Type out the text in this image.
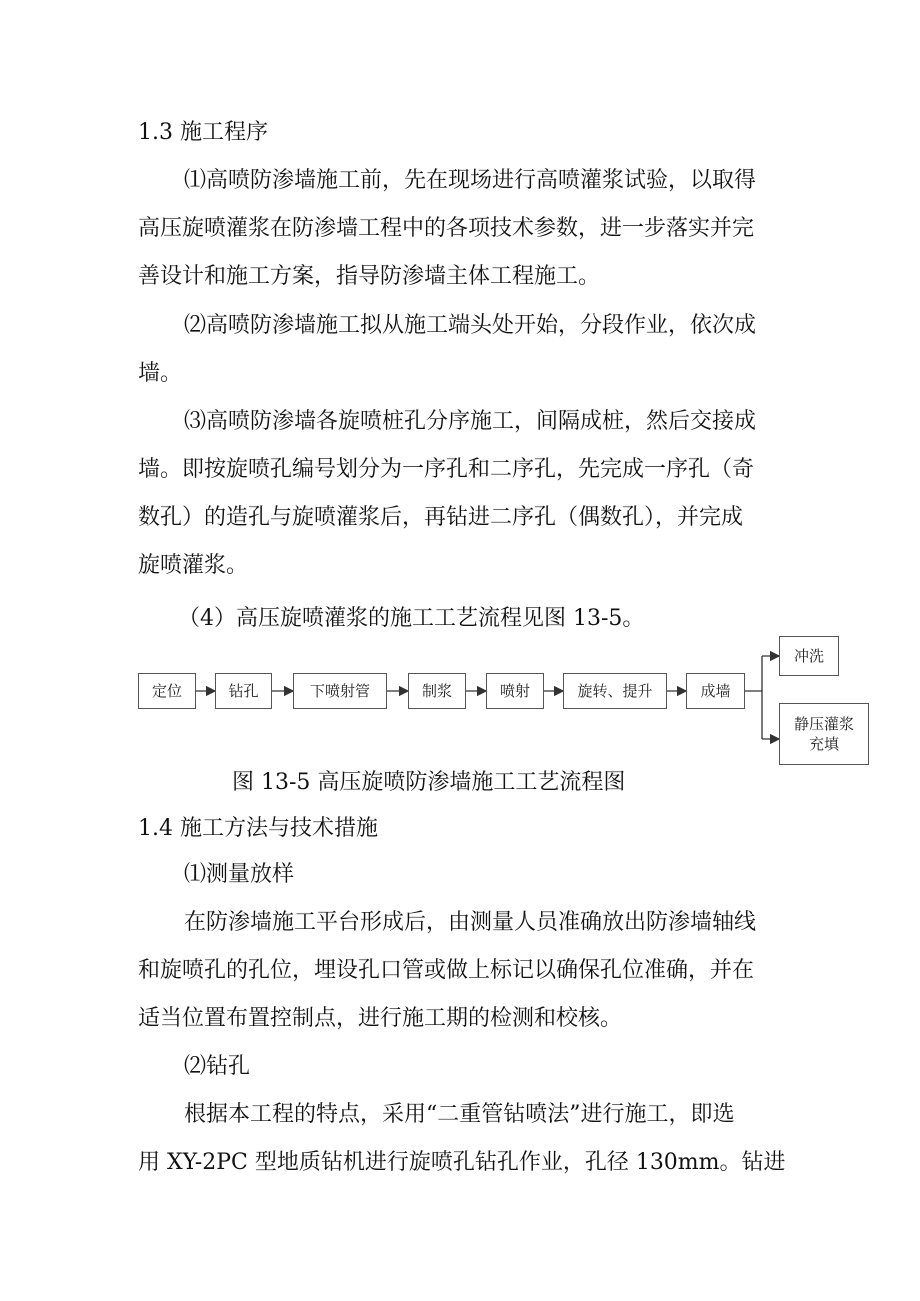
1.3 施工程序
⑴高喷防渗墙施工前，先在现场进行高喷灌浆试验，以取得
高压旋喷灌浆在防渗墙工程中的各项技术参数，进一步落实并完
善设计和施工方案，指导防渗墙主体工程施工。
⑵高喷防渗墙施工拟从施工端头处开始，分段作业，依次成
墙。
⑶高喷防渗墙各旋喷桩孔分序施工，间隔成桩，然后交接成
墙。即按旋喷孔编号划分为一序孔和二序孔，先完成一序孔（奇
数孔）的造孔与旋喷灌浆后，再钻进二序孔（偶数孔），并完成
旋喷灌浆。
（4）高压旋喷灌浆的施工工艺流程见图 13-5。
定位	钻孔	下喷射管	制浆	喷射	旋转、提升	成墙
冲洗
静压灌浆
充填
图 13-5 高压旋喷防渗墙施工工艺流程图
1.4 施工方法与技术措施
⑴测量放样
在防渗墙施工平台形成后，由测量人员准确放出防渗墙轴线
和旋喷孔的孔位，埋设孔口管或做上标记以确保孔位准确，并在
适当位置布置控制点，进行施工期的检测和校核。
⑵钻孔
根据本工程的特点，采用“二重管钻喷法”进行施工，即选
用 XY-2PC 型地质钻机进行旋喷孔钻孔作业，孔径 130mm。钻进
